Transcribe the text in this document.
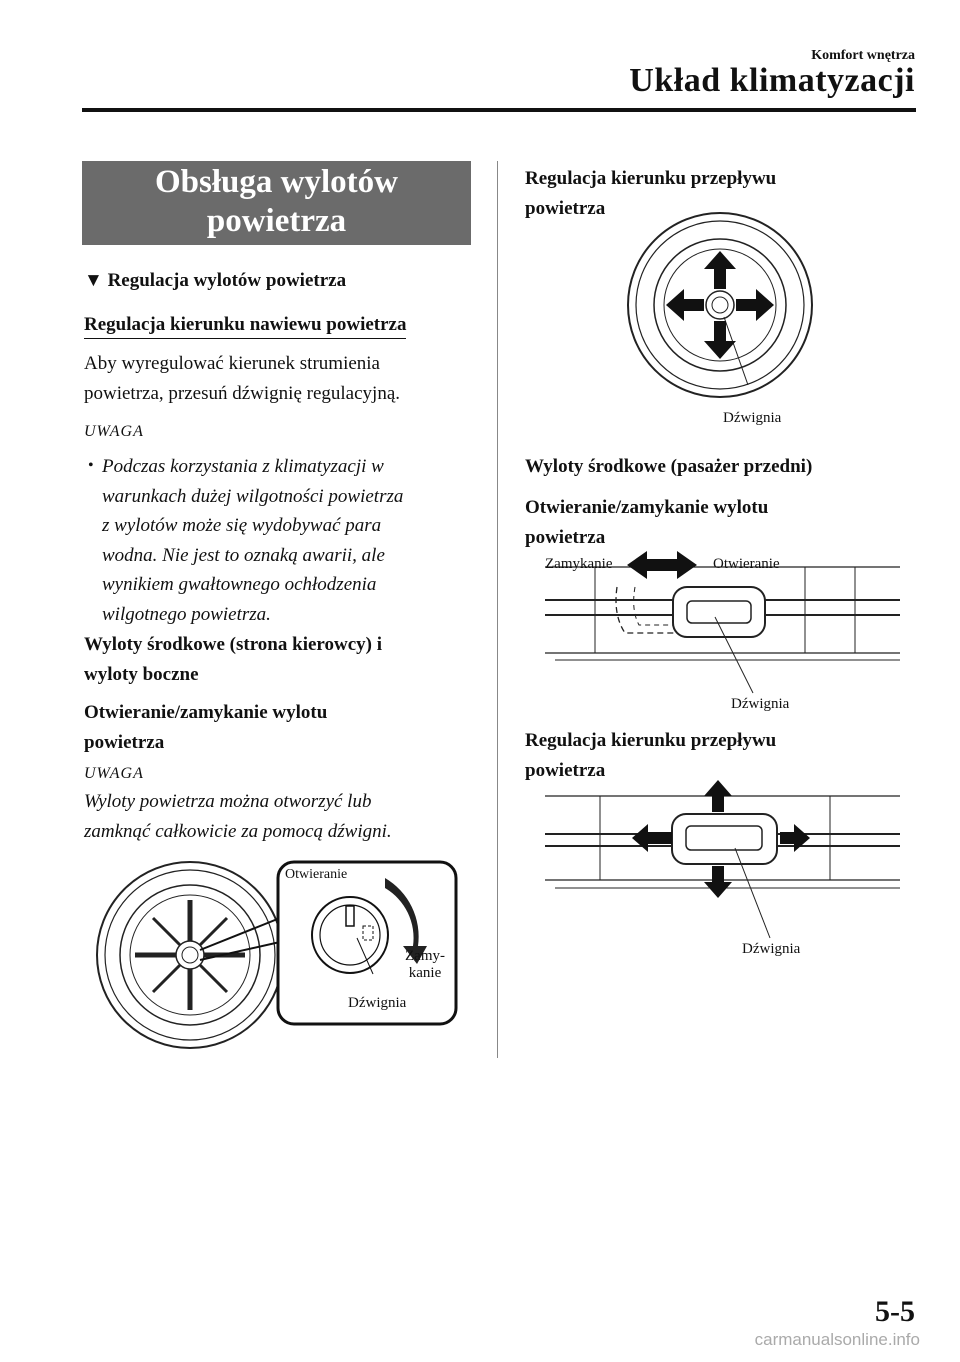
Komfort wnętrza
Układ klimatyzacji
Obsługa wylotów
powietrza
▼ Regulacja wylotów powietrza
Regulacja kierunku nawiewu powietrza
Aby wyregulować kierunek strumienia
powietrza, przesuń dźwignię regulacyjną.
UWAGA
• Podczas korzystania z klimatyzacji w
warunkach dużej wilgotności powietrza
z wylotów może się wydobywać para
wodna. Nie jest to oznaką awarii, ale
wynikiem gwałtownego ochłodzenia
wilgotnego powietrza.
Wyloty środkowe (strona kierowcy) i
wyloty boczne
Otwieranie/zamykanie wylotu
powietrza
UWAGA
Wyloty powietrza można otworzyć lub
zamknąć całkowicie za pomocą dźwigni.
Otwieranie
Zamy-
kanie
Dźwignia
Regulacja kierunku przepływu
powietrza
Dźwignia
Wyloty środkowe (pasażer przedni)
Otwieranie/zamykanie wylotu
powietrza
Zamykanie	Otwieranie
Dźwignia
Regulacja kierunku przepływu
powietrza
Dźwignia
5-5
carmanualsonline.info
